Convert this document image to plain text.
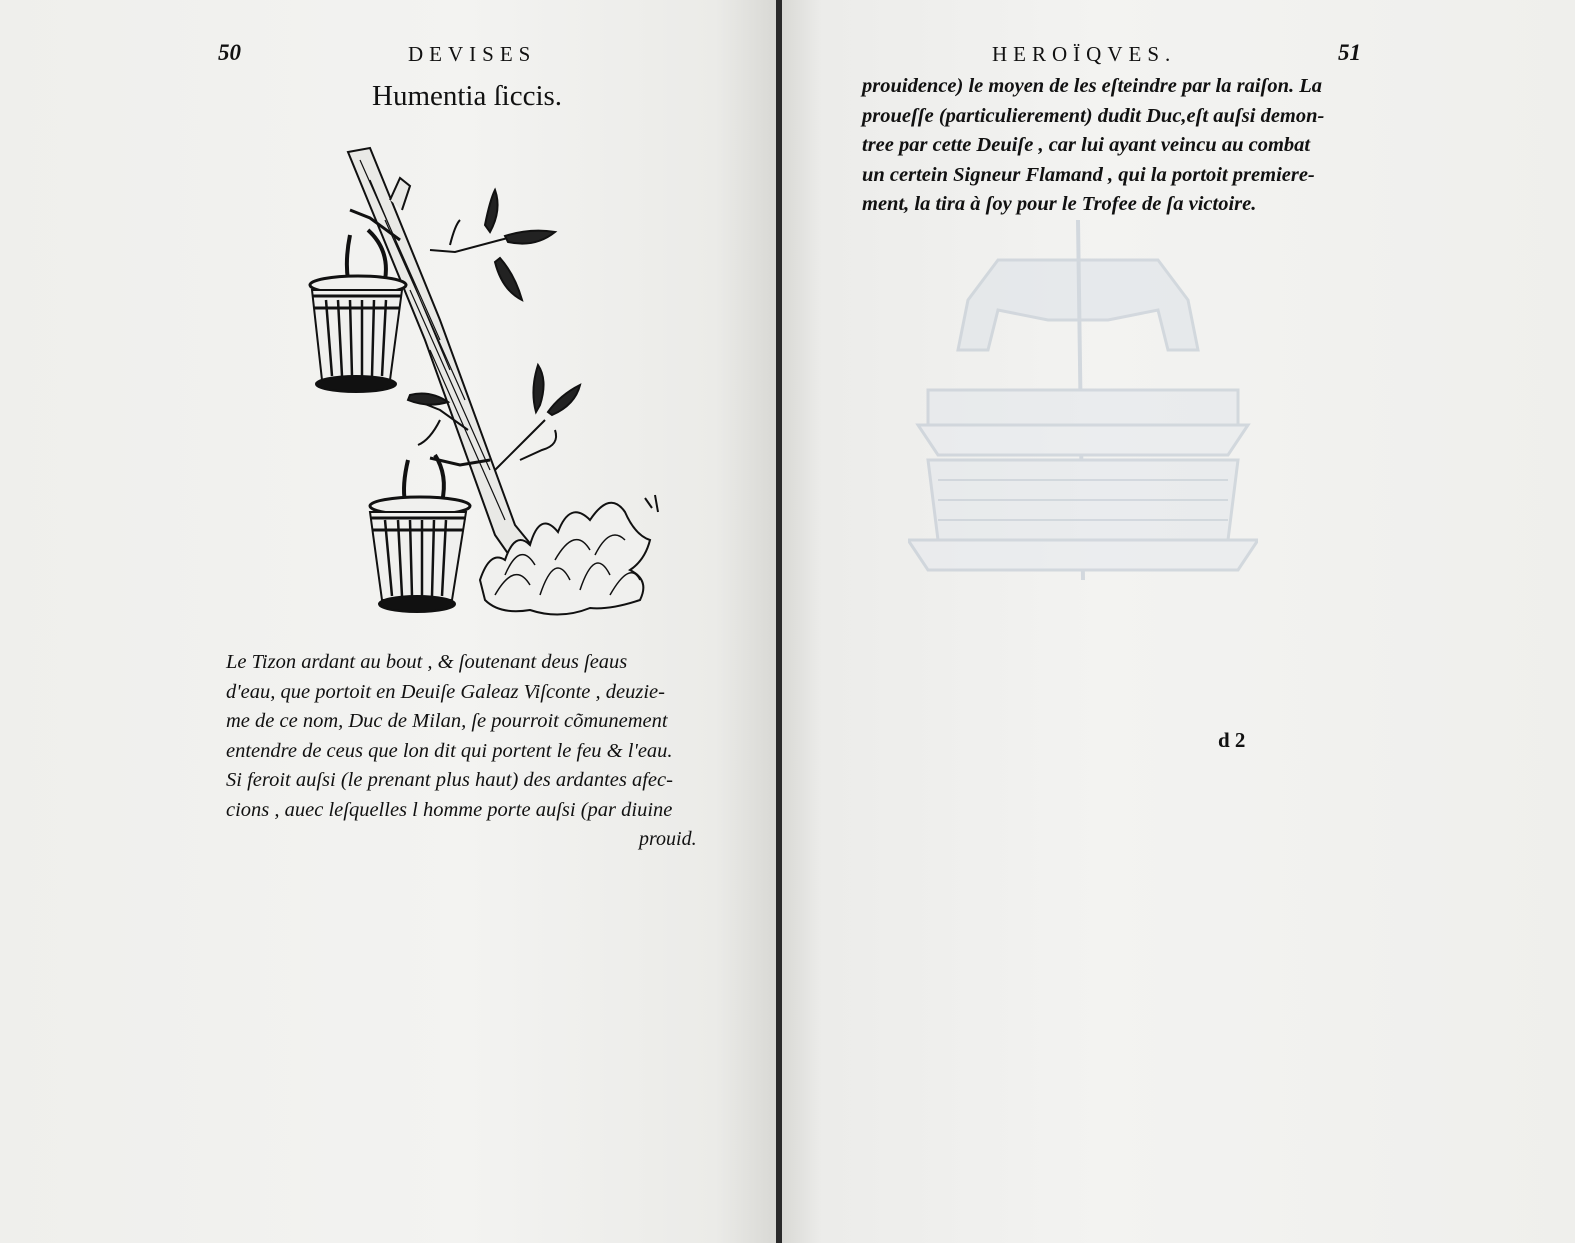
50	DEVISES
Humentia ſiccis.
Le Tizon ardant au bout , & ſoutenant deus ſeaus
d'eau, que portoit en Deuiſe Galeaz Viſconte , deuzie-
me de ce nom, Duc de Milan, ſe pourroit cõmunement
entendre de ceus que lon dit qui portent le feu & l'eau.
Si feroit auſsi (le prenant plus haut) des ardantes afec-
cions , auec leſquelles l homme porte auſsi (par diuine
prouid.
HEROÏQVES.	51
prouidence) le moyen de les eſteindre par la raiſon. La
proueſſe (particulierement) dudit Duc,eſt auſsi demon-
tree par cette Deuiſe , car lui ayant veincu au combat
un certein Signeur Flamand , qui la portoit premiere-
ment, la tira à ſoy pour le Trofee de ſa victoire.
d 2
